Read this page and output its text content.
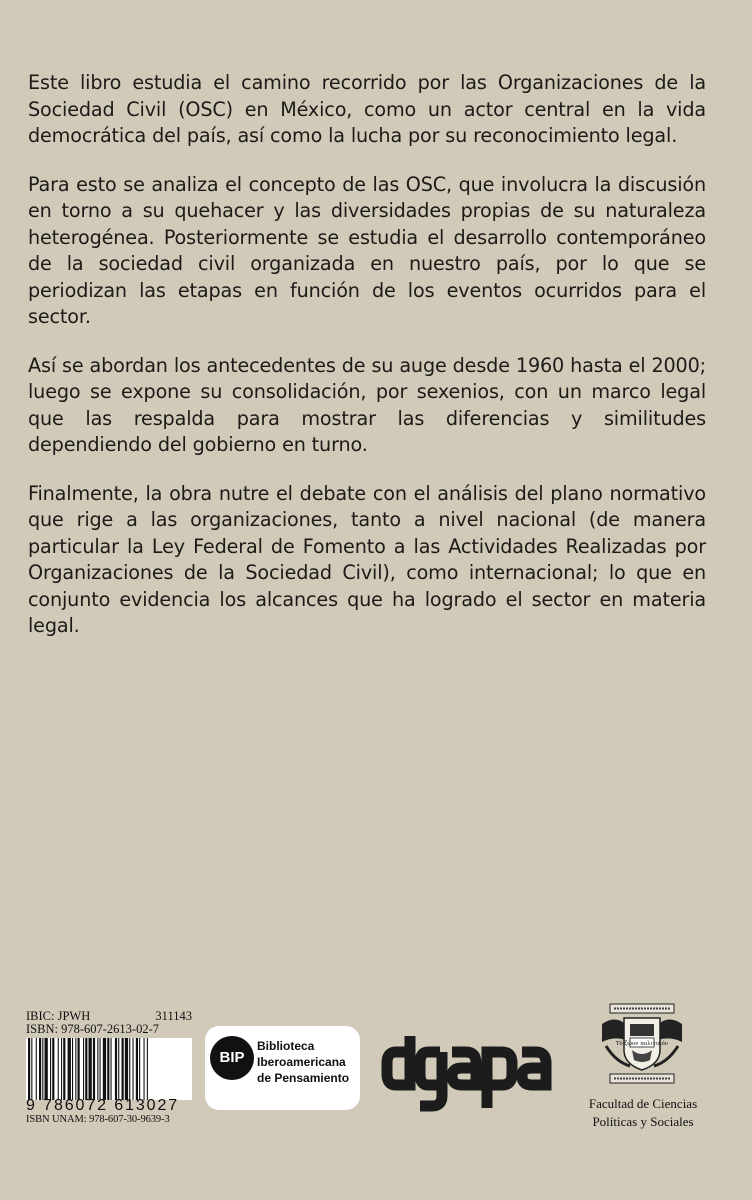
Este libro estudia el camino recorrido por las Organizaciones de la Sociedad Civil (OSC) en México, como un actor central en la vida democrática del país, así como la lucha por su reconocimiento legal.

Para esto se analiza el concepto de las OSC, que involucra la discusión en torno a su quehacer y las diversidades propias de su naturaleza heterogénea. Posteriormente se estudia el desarrollo contemporáneo de la sociedad civil organizada en nuestro país, por lo que se periodizan las etapas en función de los eventos ocurridos para el sector.

Así se abordan los antecedentes de su auge desde 1960 hasta el 2000; luego se expone su consolidación, por sexenios, con un marco legal que las respalda para mostrar las diferencias y similitudes dependiendo del gobierno en turno.

Finalmente, la obra nutre el debate con el análisis del plano normativo que rige a las organizaciones, tanto a nivel nacional (de manera particular la Ley Federal de Fomento a las Actividades Realizadas por Organizaciones de la Sociedad Civil), como internacional; lo que en conjunto evidencia los alcances que ha logrado el sector en materia legal.

IBIC: JPWH	311143
ISBN: 978-607-2613-02-7
9 786072 613027
ISBN UNAM: 978-607-30-9639-3
BIP
Biblioteca
Iberoamericana
de Pensamiento
Tò ζῶον πολιτικόν
Facultad de Ciencias
Políticas y Sociales
